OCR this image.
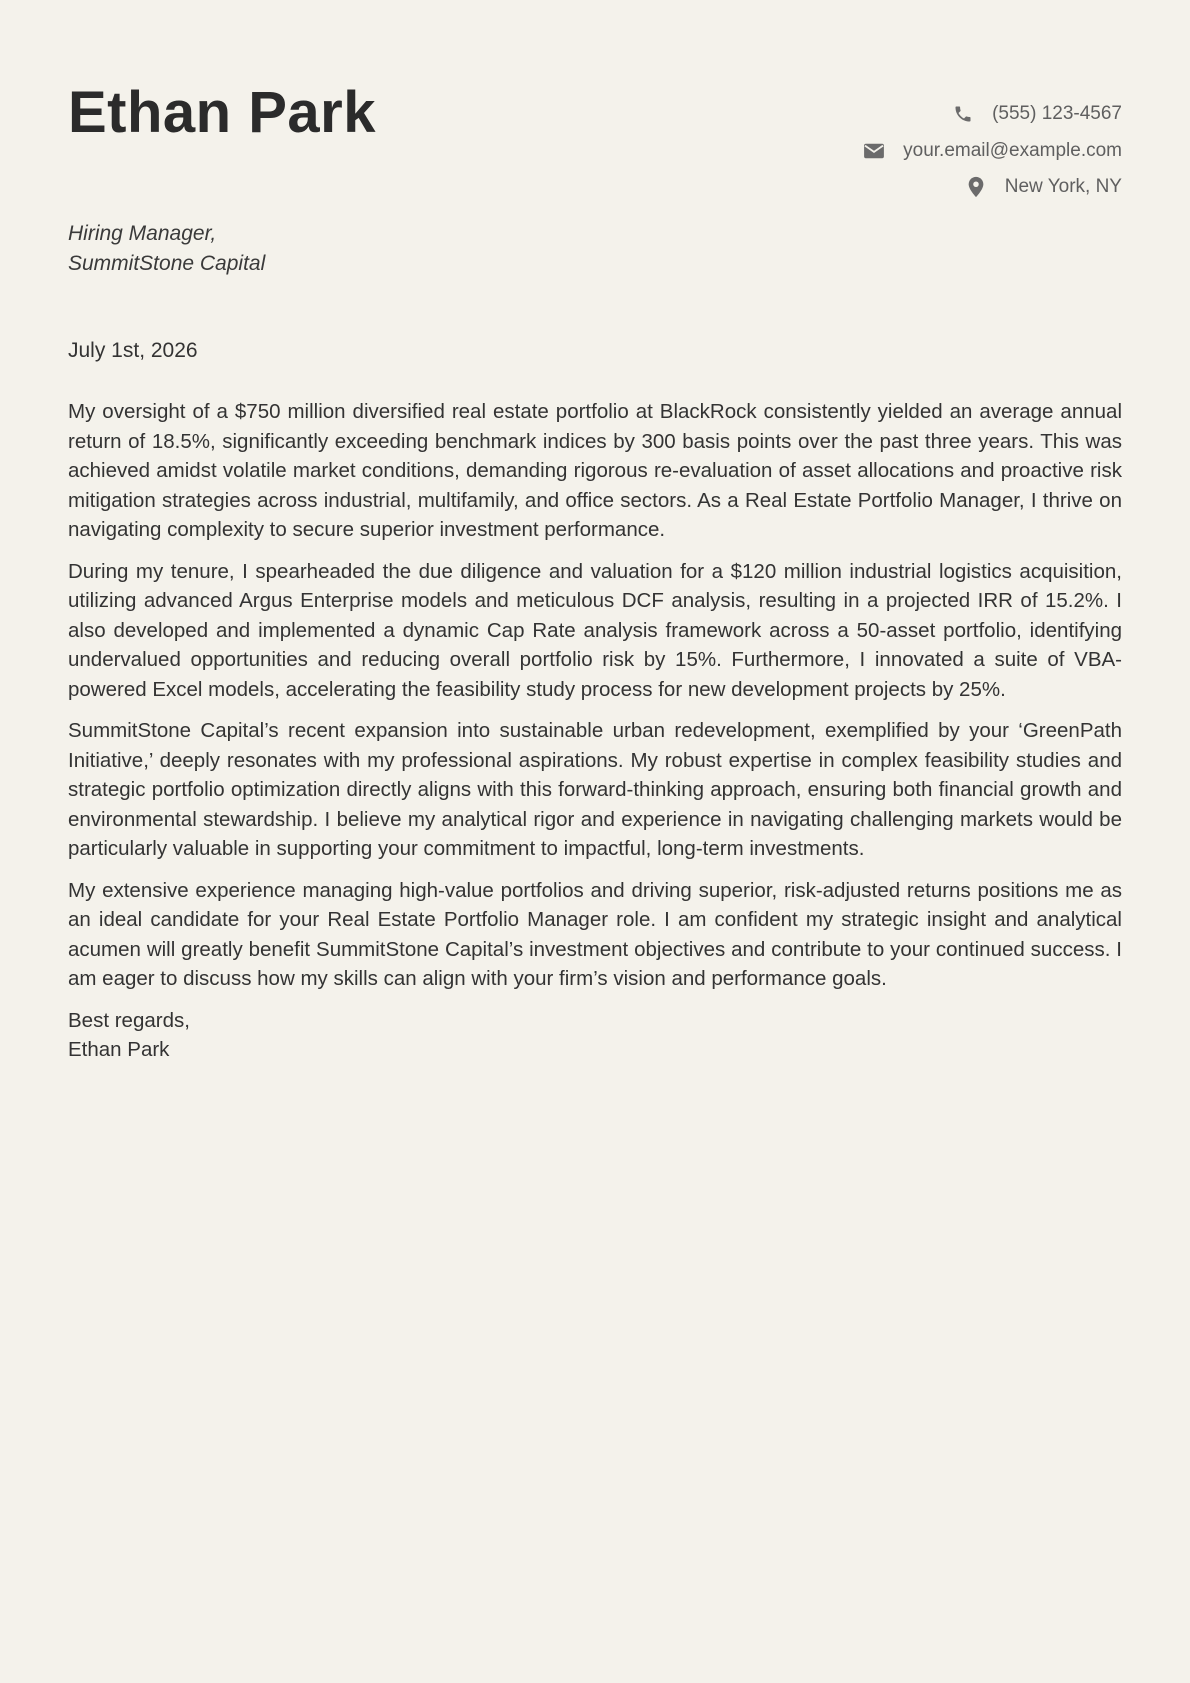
Ethan Park	(555) 123-4567
your.email@example.com
New York, NY
Hiring Manager,
SummitStone Capital
July 1st, 2026

My oversight of a $750 million diversified real estate portfolio at BlackRock consistently yielded an average annual return of 18.5%, significantly exceeding benchmark indices by 300 basis points over the past three years. This was achieved amidst volatile market conditions, demanding rigorous re-evaluation of asset allocations and proactive risk mitigation strategies across industrial, multifamily, and office sectors. As a Real Estate Portfolio Manager, I thrive on navigating complexity to secure superior investment performance.

During my tenure, I spearheaded the due diligence and valuation for a $120 million industrial logistics acquisition, utilizing advanced Argus Enterprise models and meticulous DCF analysis, resulting in a projected IRR of 15.2%. I also developed and implemented a dynamic Cap Rate analysis framework across a 50-asset portfolio, identifying undervalued opportunities and reducing overall portfolio risk by 15%. Furthermore, I innovated a suite of VBA-powered Excel models, accelerating the feasibility study process for new development projects by 25%.

SummitStone Capital’s recent expansion into sustainable urban redevelopment, exemplified by your ‘GreenPath Initiative,’ deeply resonates with my professional aspirations. My robust expertise in complex feasibility studies and strategic portfolio optimization directly aligns with this forward-thinking approach, ensuring both financial growth and environmental stewardship. I believe my analytical rigor and experience in navigating challenging markets would be particularly valuable in supporting your commitment to impactful, long-term investments.

My extensive experience managing high-value portfolios and driving superior, risk-adjusted returns positions me as an ideal candidate for your Real Estate Portfolio Manager role. I am confident my strategic insight and analytical acumen will greatly benefit SummitStone Capital’s investment objectives and contribute to your continued success. I am eager to discuss how my skills can align with your firm’s vision and performance goals.

Best regards,
Ethan Park
